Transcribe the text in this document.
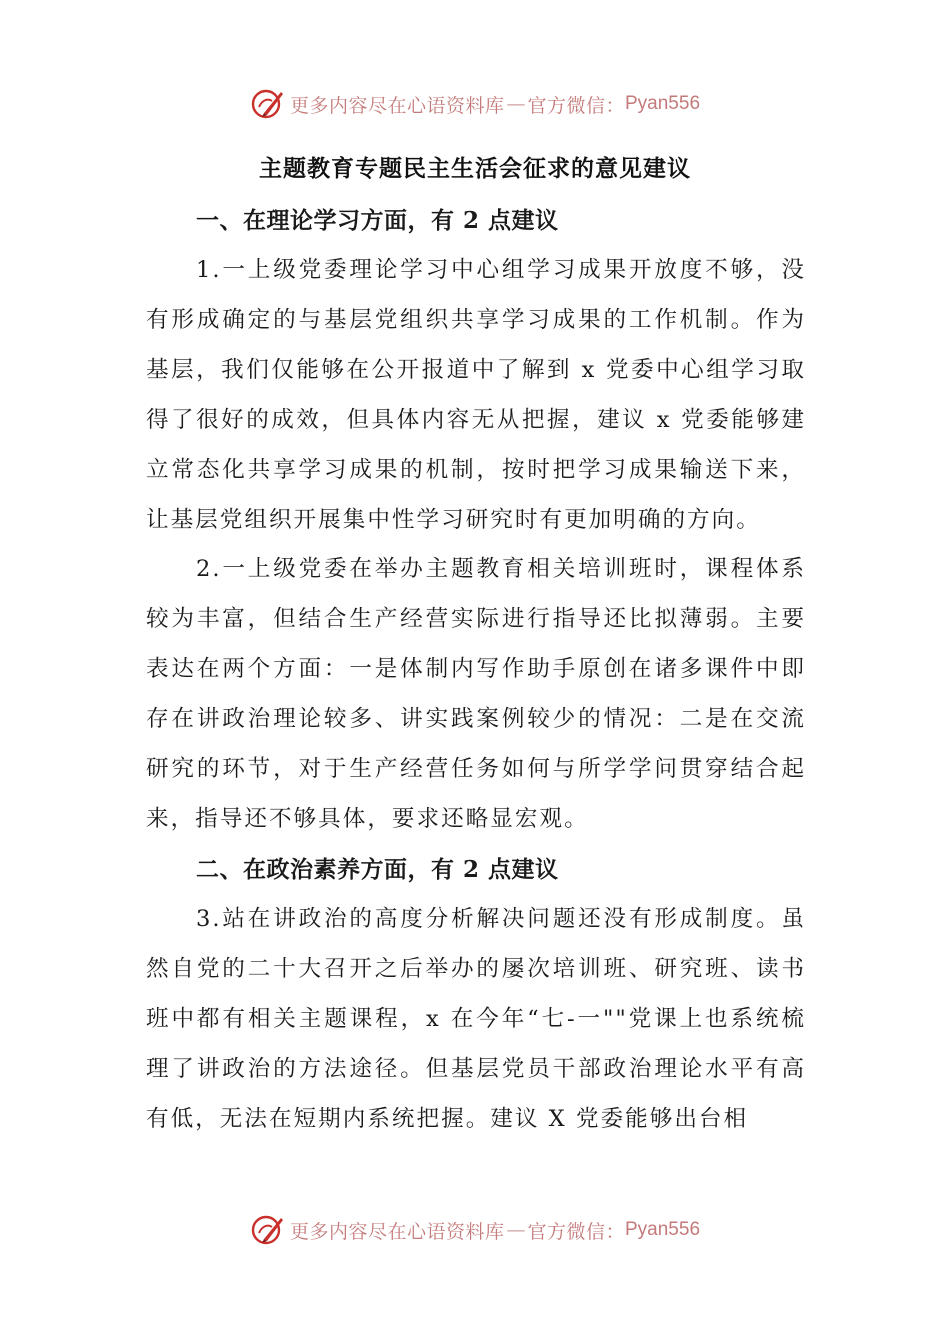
更多内容尽在心语资料库 — 官方微信： Pyan556
主题教育专题民主生活会征求的意见建议
一、在理论学习方面，有 2 点建议

1.一上级党委理论学习中心组学习成果开放度不够，没有形成确定的与基层党组织共享学习成果的工作机制。作为基层，我们仅能够在公开报道中了解到 x 党委中心组学习取得了很好的成效，但具体内容无从把握，建议 x 党委能够建立常态化共享学习成果的机制，按时把学习成果输送下来，让基层党组织开展集中性学习研究时有更加明确的方向。

2.一上级党委在举办主题教育相关培训班时，课程体系较为丰富，但结合生产经营实际进行指导还比拟薄弱。主要表达在两个方面：一是体制内写作助手原创在诸多课件中即存在讲政治理论较多、讲实践案例较少的情况：二是在交流研究的环节，对于生产经营任务如何与所学学问贯穿结合起来，指导还不够具体，要求还略显宏观。

二、在政治素养方面，有 2 点建议

3.站在讲政治的高度分析解决问题还没有形成制度。虽然自党的二十大召开之后举办的屡次培训班、研究班、读书班中都有相关主题课程，x 在今年“七-一""党课上也系统梳理了讲政治的方法途径。但基层党员干部政治理论水平有高有低，无法在短期内系统把握。建议 X 党委能够出台相

更多内容尽在心语资料库 — 官方微信： Pyan556
